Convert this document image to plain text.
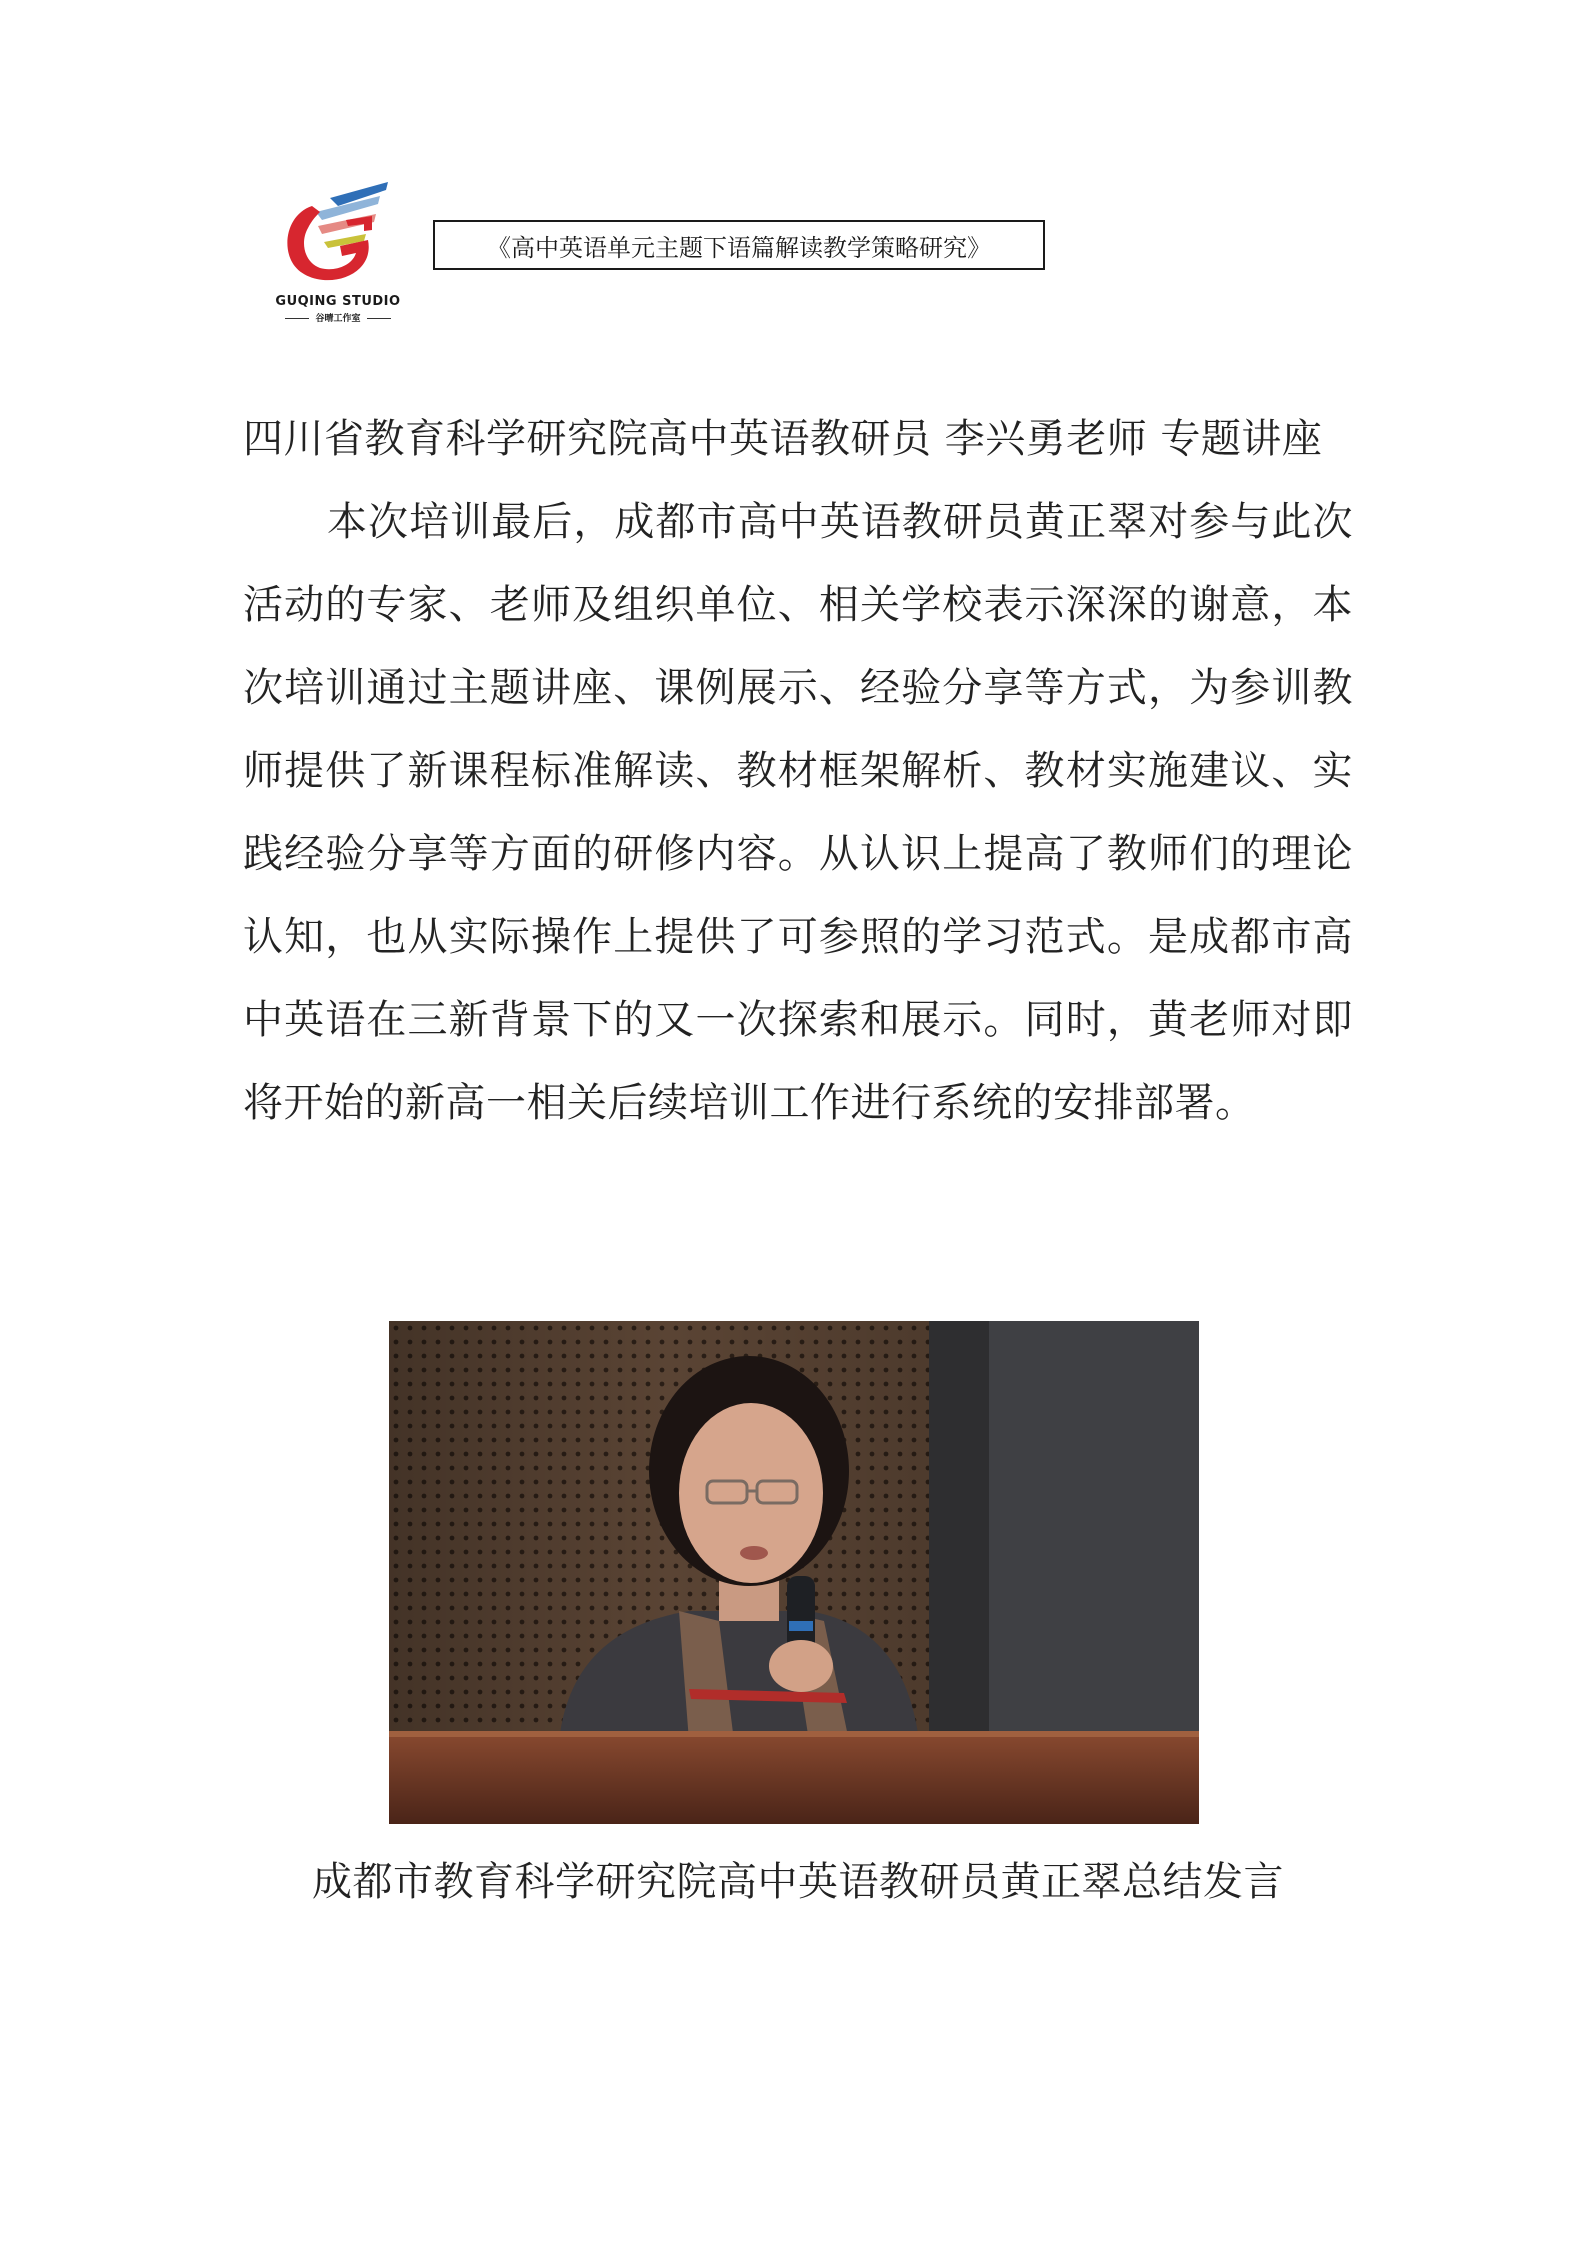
GUQING STUDIO
谷晴工作室
《高中英语单元主题下语篇解读教学策略研究》

四川省教育科学研究院高中英语教研员 李兴勇老师 专题讲座

本次培训最后，成都市高中英语教研员黄正翠对参与此次活动的专家、老师及组织单位、相关学校表示深深的谢意，本次培训通过主题讲座、课例展示、经验分享等方式，为参训教师提供了新课程标准解读、教材框架解析、教材实施建议、实践经验分享等方面的研修内容。从认识上提高了教师们的理论认知，也从实际操作上提供了可参照的学习范式。是成都市高中英语在三新背景下的又一次探索和展示。同时，黄老师对即将开始的新高一相关后续培训工作进行系统的安排部署。

成都市教育科学研究院高中英语教研员黄正翠总结发言
